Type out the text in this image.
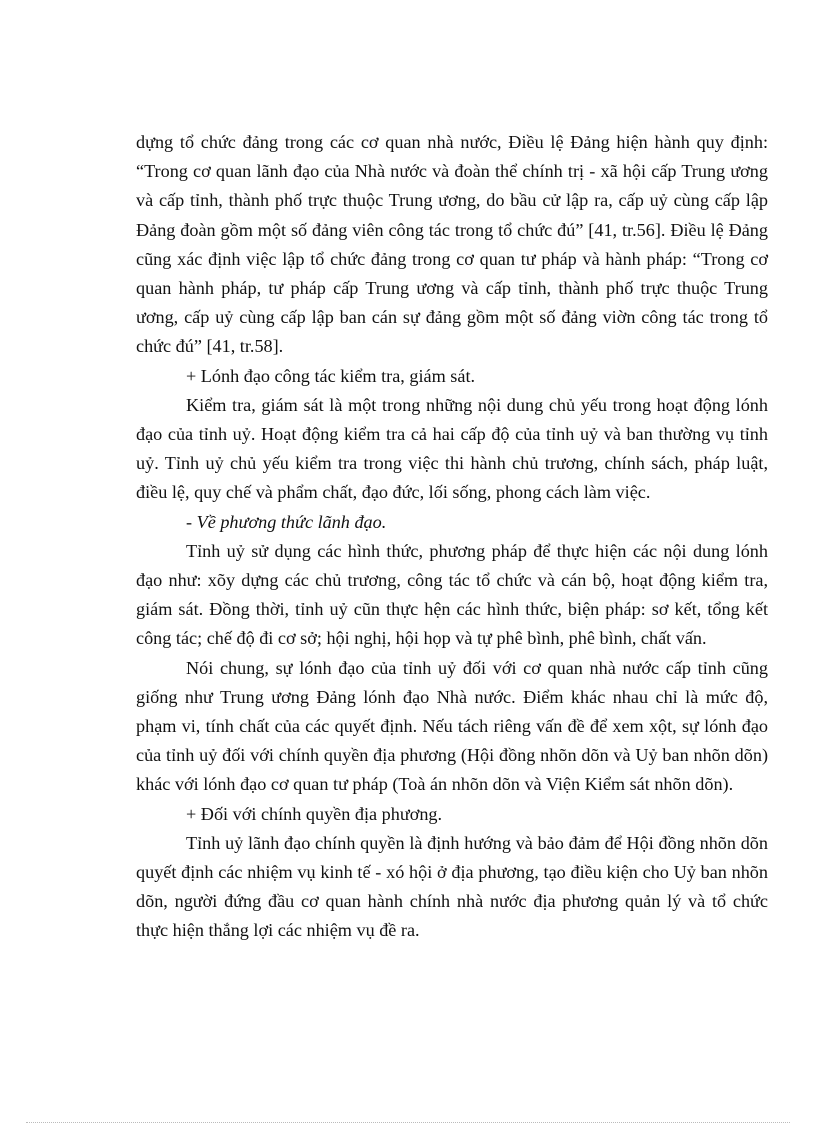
dựng tổ chức đảng trong các cơ quan nhà nước, Điều lệ Đảng hiện hành quy định: “Trong cơ quan lãnh đạo của Nhà nước và đoàn thể chính trị - xã hội cấp Trung ương và cấp tỉnh, thành phố trực thuộc Trung ương, do bầu cử lập ra, cấp uỷ cùng cấp lập Đảng đoàn gồm một số đảng viên công tác trong tổ chức đú” [41, tr.56]. Điều lệ Đảng cũng xác định việc lập tổ chức đảng trong cơ quan tư pháp và hành pháp: “Trong cơ quan hành pháp, tư pháp cấp Trung ương và cấp tỉnh, thành phố trực thuộc Trung ương, cấp uỷ cùng cấp lập ban cán sự đảng gồm một số đảng viờn công tác trong tổ chức đú” [41, tr.58].

+ Lónh đạo công tác kiểm tra, giám sát.

Kiểm tra, giám sát là một trong những nội dung chủ yếu trong hoạt động lónh đạo của tỉnh uỷ. Hoạt động kiểm tra cả hai cấp độ của tỉnh uỷ và ban thường vụ tỉnh uỷ. Tỉnh uỷ chủ yếu kiểm tra trong việc thi hành chủ trương, chính sách, pháp luật, điều lệ, quy chế và phẩm chất, đạo đức, lối sống, phong cách làm việc.

- Về phương thức lãnh đạo.

Tỉnh uỷ sử dụng các hình thức, phương pháp để thực hiện các nội dung lónh đạo như: xõy dựng các chủ trương, công tác tổ chức và cán bộ, hoạt động kiểm tra, giám sát. Đồng thời, tỉnh uỷ cũn thực hện các hình thức, biện pháp: sơ kết, tổng kết công tác; chế độ đi cơ sở; hội nghị, hội họp và tự phê bình, phê bình, chất vấn.

Nói chung, sự lónh đạo của tỉnh uỷ đối với cơ quan nhà nước cấp tỉnh cũng giống như Trung ương Đảng lónh đạo Nhà nước. Điểm khác nhau chỉ là mức độ, phạm vi, tính chất của các quyết định. Nếu tách riêng vấn đề để xem xột, sự lónh đạo của tỉnh uỷ đối với chính quyền địa phương (Hội đồng nhõn dõn và Uỷ ban nhõn dõn) khác với lónh đạo cơ quan tư pháp (Toà án nhõn dõn và Viện Kiểm sát nhõn dõn).

+ Đối với chính quyền địa phương.

Tỉnh uỷ lãnh đạo chính quyền là định hướng và bảo đảm để Hội đồng nhõn dõn quyết định các nhiệm vụ kinh tế - xó hội ở địa phương, tạo điều kiện cho Uỷ ban nhõn dõn, người đứng đầu cơ quan hành chính nhà nước địa phương quản lý và tổ chức thực hiện thắng lợi các nhiệm vụ đề ra.
